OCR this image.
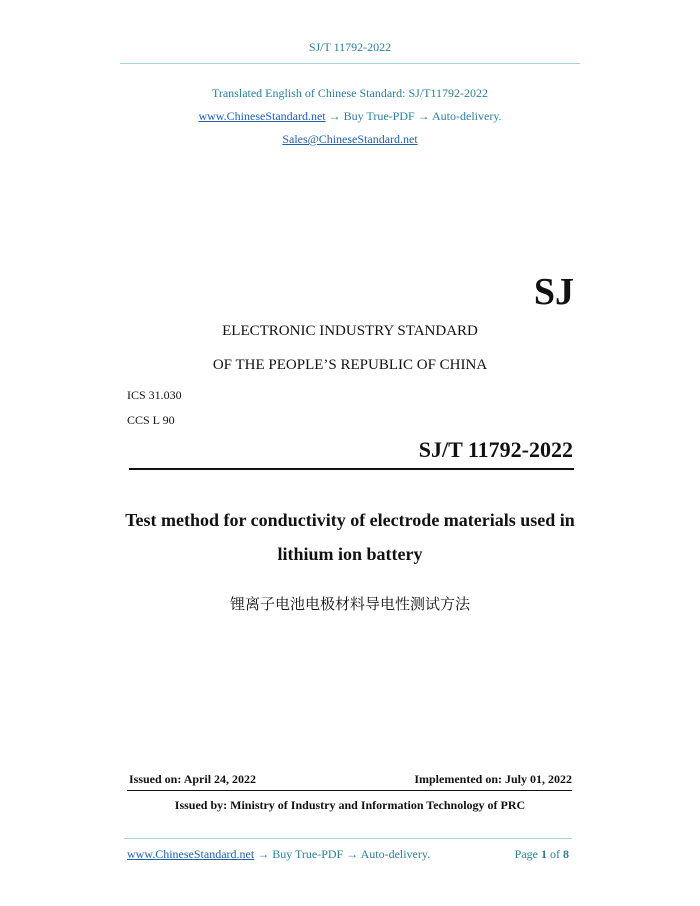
SJ/T 11792-2022
Translated English of Chinese Standard: SJ/T11792-2022
www.ChineseStandard.net → Buy True-PDF → Auto-delivery.
Sales@ChineseStandard.net
SJ
ELECTRONIC INDUSTRY STANDARD
OF THE PEOPLE’S REPUBLIC OF CHINA
ICS 31.030
CCS L 90
SJ/T 11792-2022
Test method for conductivity of electrode materials used in
lithium ion battery
锂离子电池电极材料导电性测试方法
Issued on: April 24, 2022	Implemented on: July 01, 2022
Issued by: Ministry of Industry and Information Technology of PRC
www.ChineseStandard.net → Buy True-PDF → Auto-delivery.	Page 1 of 8
